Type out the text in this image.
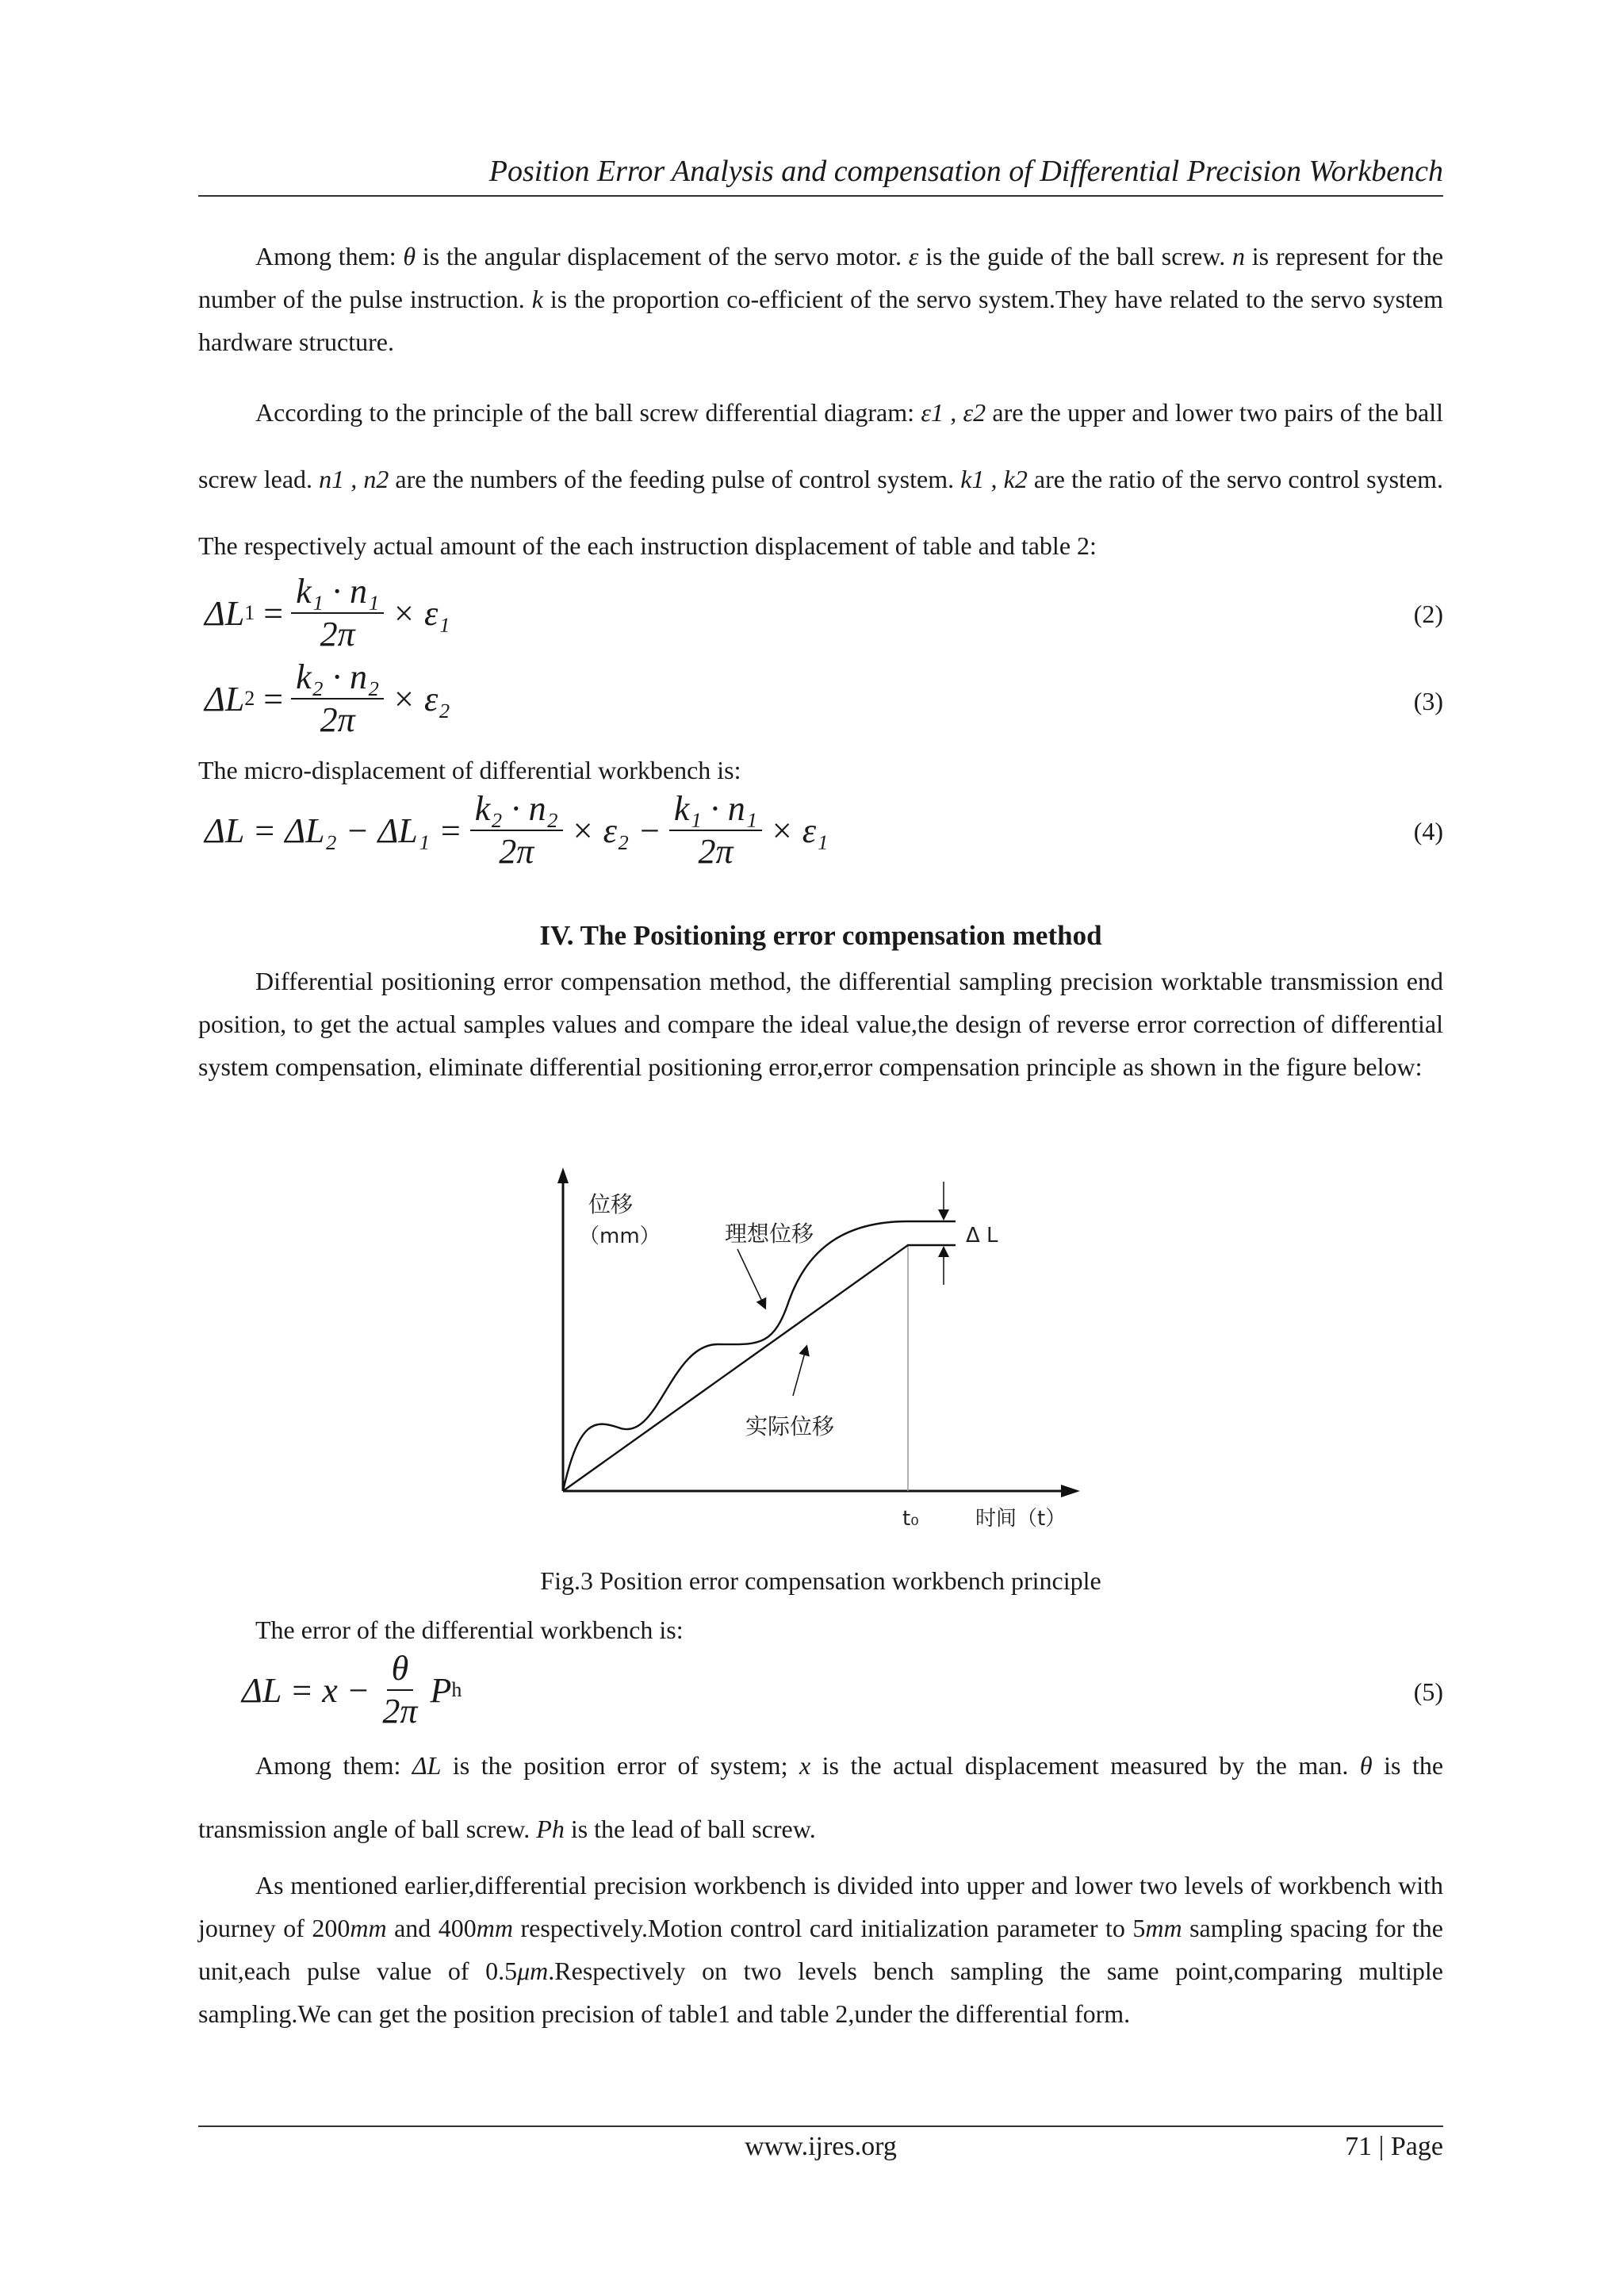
Position Error Analysis and compensation of Differential Precision Workbench
Among them: θ is the angular displacement of the servo motor. ε is the guide of the ball screw. n is represent for the number of the pulse instruction. k is the proportion co-efficient of the servo system.They have related to the servo system hardware structure.
According to the principle of the ball screw differential diagram: ε1 , ε2 are the upper and lower two pairs of the ball screw lead. n1 , n2 are the numbers of the feeding pulse of control system. k1 , k2 are the ratio of the servo control system. The respectively actual amount of the each instruction displacement of table and table 2:
ΔL $1 = \frac{\text{k₁ · n₁}}{2\pi} \times \varepsilon_1$	(2)
ΔL $2 = \frac{\text{k₂ · n₂}}{2\pi} \times \varepsilon_2$	(3)
The micro-displacement of differential workbench is:
$\Delta L = \Delta L_2 - \Delta L_1 = \frac{\text{k₂ · n₂}}{2\pi} \times \varepsilon_2 - \frac{\text{k₁ · n₁}}{2\pi} \times \varepsilon_1$	(4)
IV. The Positioning error compensation method
Differential positioning error compensation method, the differential sampling precision worktable transmission end position, to get the actual samples values and compare the ideal value,the design of reverse error correction of differential system compensation, eliminate differential positioning error,error compensation principle as shown in the figure below:
位移
（mm）	理想位移
实际位移
Δ L
t₀	时间（t）
Fig.3 Position error compensation workbench principle
The error of the differential workbench is:
$\Delta L = x - \frac{\theta}{2\pi}$ P h	(5)
Among them: ΔL is the position error of system; x is the actual displacement measured by the man. θ is the transmission angle of ball screw. Ph is the lead of ball screw.
As mentioned earlier,differential precision workbench is divided into upper and lower two levels of workbench with journey of 200mm and 400mm respectively.Motion control card initialization parameter to 5mm sampling spacing for the unit,each pulse value of 0.5μm.Respectively on two levels bench sampling the same point,comparing multiple sampling.We can get the position precision of table1 and table 2,under the differential form.
www.ijres.org	71 | Page
